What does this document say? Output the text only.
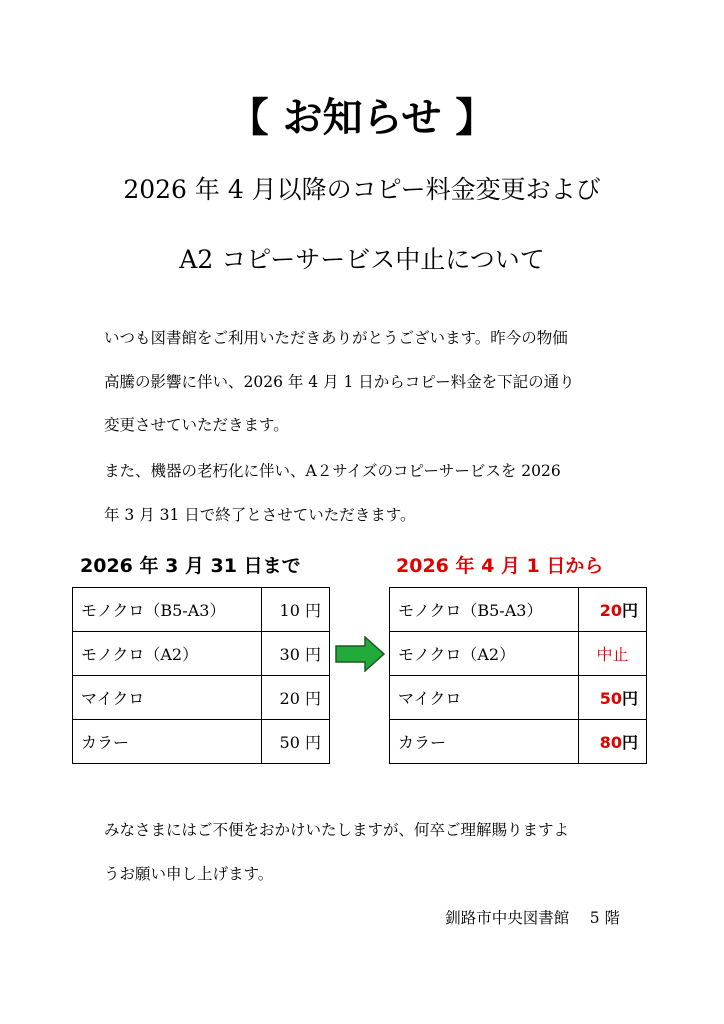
【 お知らせ 】
2026 年 4 月以降のコピー料金変更および
A2 コピーサービス中止について
いつも図書館をご利用いただきありがとうございます。昨今の物価
高騰の影響に伴い、2026 年 4 月 1 日からコピー料金を下記の通り
変更させていただきます。
また、機器の老朽化に伴い、A２サイズのコピーサービスを 2026
年 3 月 31 日で終了とさせていただきます。
2026 年 3 月 31 日まで	2026 年 4 月 1 日から
モノクロ（B5-A3）	10 円
モノクロ（A2）	30 円
マイクロ	20 円
カラー	50 円
モノクロ（B5-A3）	20円
モノクロ（A2）	中止
マイクロ	50円
カラー	80円
みなさまにはご不便をおかけいたしますが、何卒ご理解賜りますよ
うお願い申し上げます。
釧路市中央図書館　 5 階
